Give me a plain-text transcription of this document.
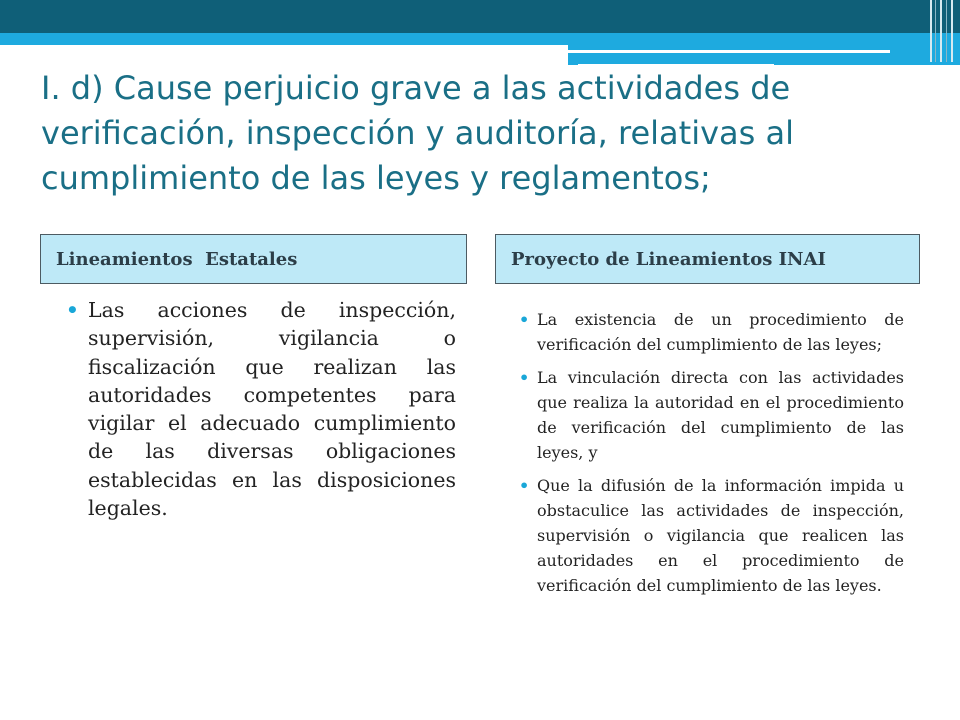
I. d) Cause perjuicio grave a las actividades de verificación, inspección y auditoría, relativas al cumplimiento de las leyes y reglamentos;
Lineamientos  Estatales	Proyecto de Lineamientos INAI
• Las acciones de inspección, supervisión, vigilancia o fiscalización que realizan las autoridades competentes para vigilar el adecuado cumplimiento de las diversas obligaciones establecidas en las disposiciones legales.
• La existencia de un procedimiento de verificación del cumplimiento de las leyes;
• La vinculación directa con las actividades que realiza la autoridad en el procedimiento de verificación del cumplimiento de las leyes, y
• Que la difusión de la información impida u obstaculice las actividades de inspección, supervisión o vigilancia que realicen las autoridades en el procedimiento de verificación del cumplimiento de las leyes.
